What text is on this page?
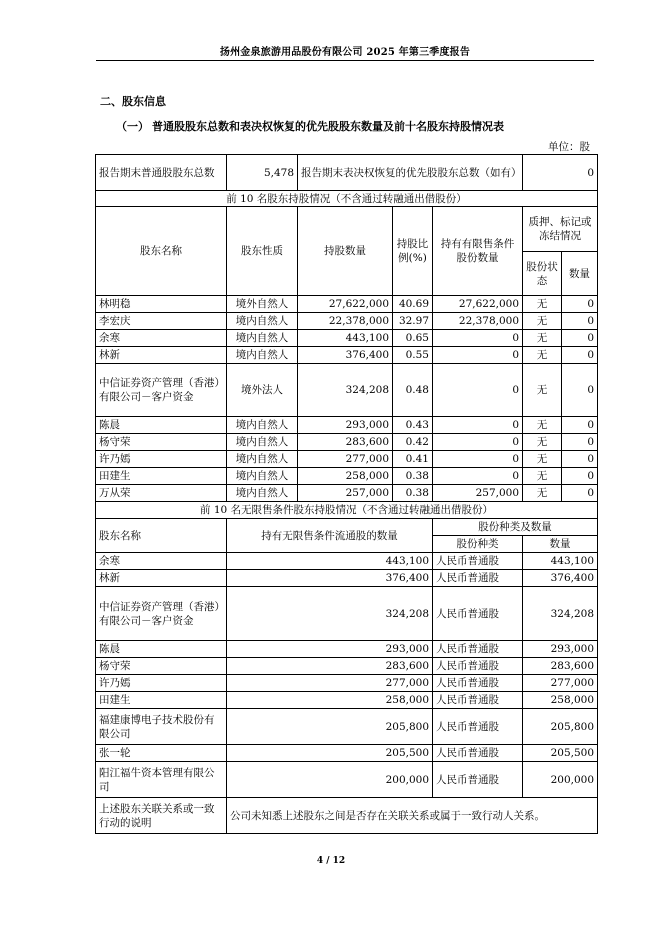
扬州金泉旅游用品股份有限公司 2025 年第三季度报告
二、股东信息
（一） 普通股股东总数和表决权恢复的优先股股东数量及前十名股东持股情况表
单位：股
报告期末普通股股东总数	5,478	报告期末表决权恢复的优先股股东总数（如有）			0	
前 10 名股东持股情况（不含通过转融通出借股份）						
股东名称	股东性质	持股数量	持股比例(%)	持有有限售条件股份数量	质押、标记或冻结情况	
					股份状态	数量
林明稳	境外自然人	27,622,000	40.69	27,622,000	无	0
李宏庆	境内自然人	22,378,000	32.97	22,378,000	无	0
余寒	境内自然人	443,100	0.65	0	无	0
林新	境内自然人	376,400	0.55	0	无	0
中信证券资产管理（香港）有限公司－客户资金	境外法人	324,208	0.48	0	无	0
陈晨	境内自然人	293,000	0.43	0	无	0
杨守荣	境内自然人	283,600	0.42	0	无	0
许乃嫣	境内自然人	277,000	0.41	0	无	0
田建生	境内自然人	258,000	0.38	0	无	0
万从荣	境内自然人	257,000	0.38	257,000	无	0
前 10 名无限售条件股东持股情况（不含通过转融通出借股份）						
股东名称	持有无限售条件流通股的数量			股份种类及数量		
				股份种类	数量	
余寒	443,100			人民币普通股	443,100	
林新	376,400			人民币普通股	376,400	
中信证券资产管理（香港）有限公司－客户资金	324,208			人民币普通股	324,208	
陈晨	293,000			人民币普通股	293,000	
杨守荣	283,600			人民币普通股	283,600	
许乃嫣	277,000			人民币普通股	277,000	
田建生	258,000			人民币普通股	258,000	
福建康博电子技术股份有限公司	205,800			人民币普通股	205,800	
张一轮	205,500			人民币普通股	205,500	
阳江福牛资本管理有限公司	200,000			人民币普通股	200,000	
上述股东关联关系或一致行动的说明	公司未知悉上述股东之间是否存在关联关系或属于一致行动人关系。					
4 / 12
